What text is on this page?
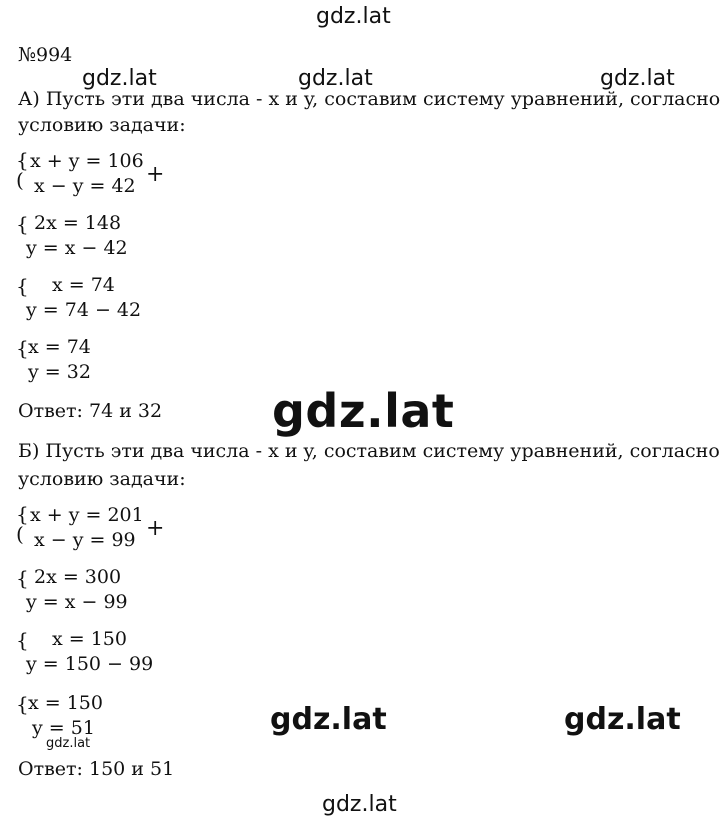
gdz.lat
gdz.lat	gdz.lat	gdz.lat
gdz.lat
gdz.lat	gdz.lat
gdz.lat
gdz.lat
№994
А) Пусть эти два числа - x и y, составим систему уравнений, согласно
условию задачи:
{
(
x + y = 106
x − y = 42 +
{ 2x = 148
y = x − 42
{ x = 74
y = 74 − 42
{ x = 74
y = 32
Ответ: 74 и 32
Б) Пусть эти два числа - x и y, составим систему уравнений, согласно
условию задачи:
{
(
x + y = 201
x − y = 99 +
{ 2x = 300
y = x − 99
{ x = 150
y = 150 − 99
{ x = 150
y = 51
Ответ: 150 и 51
